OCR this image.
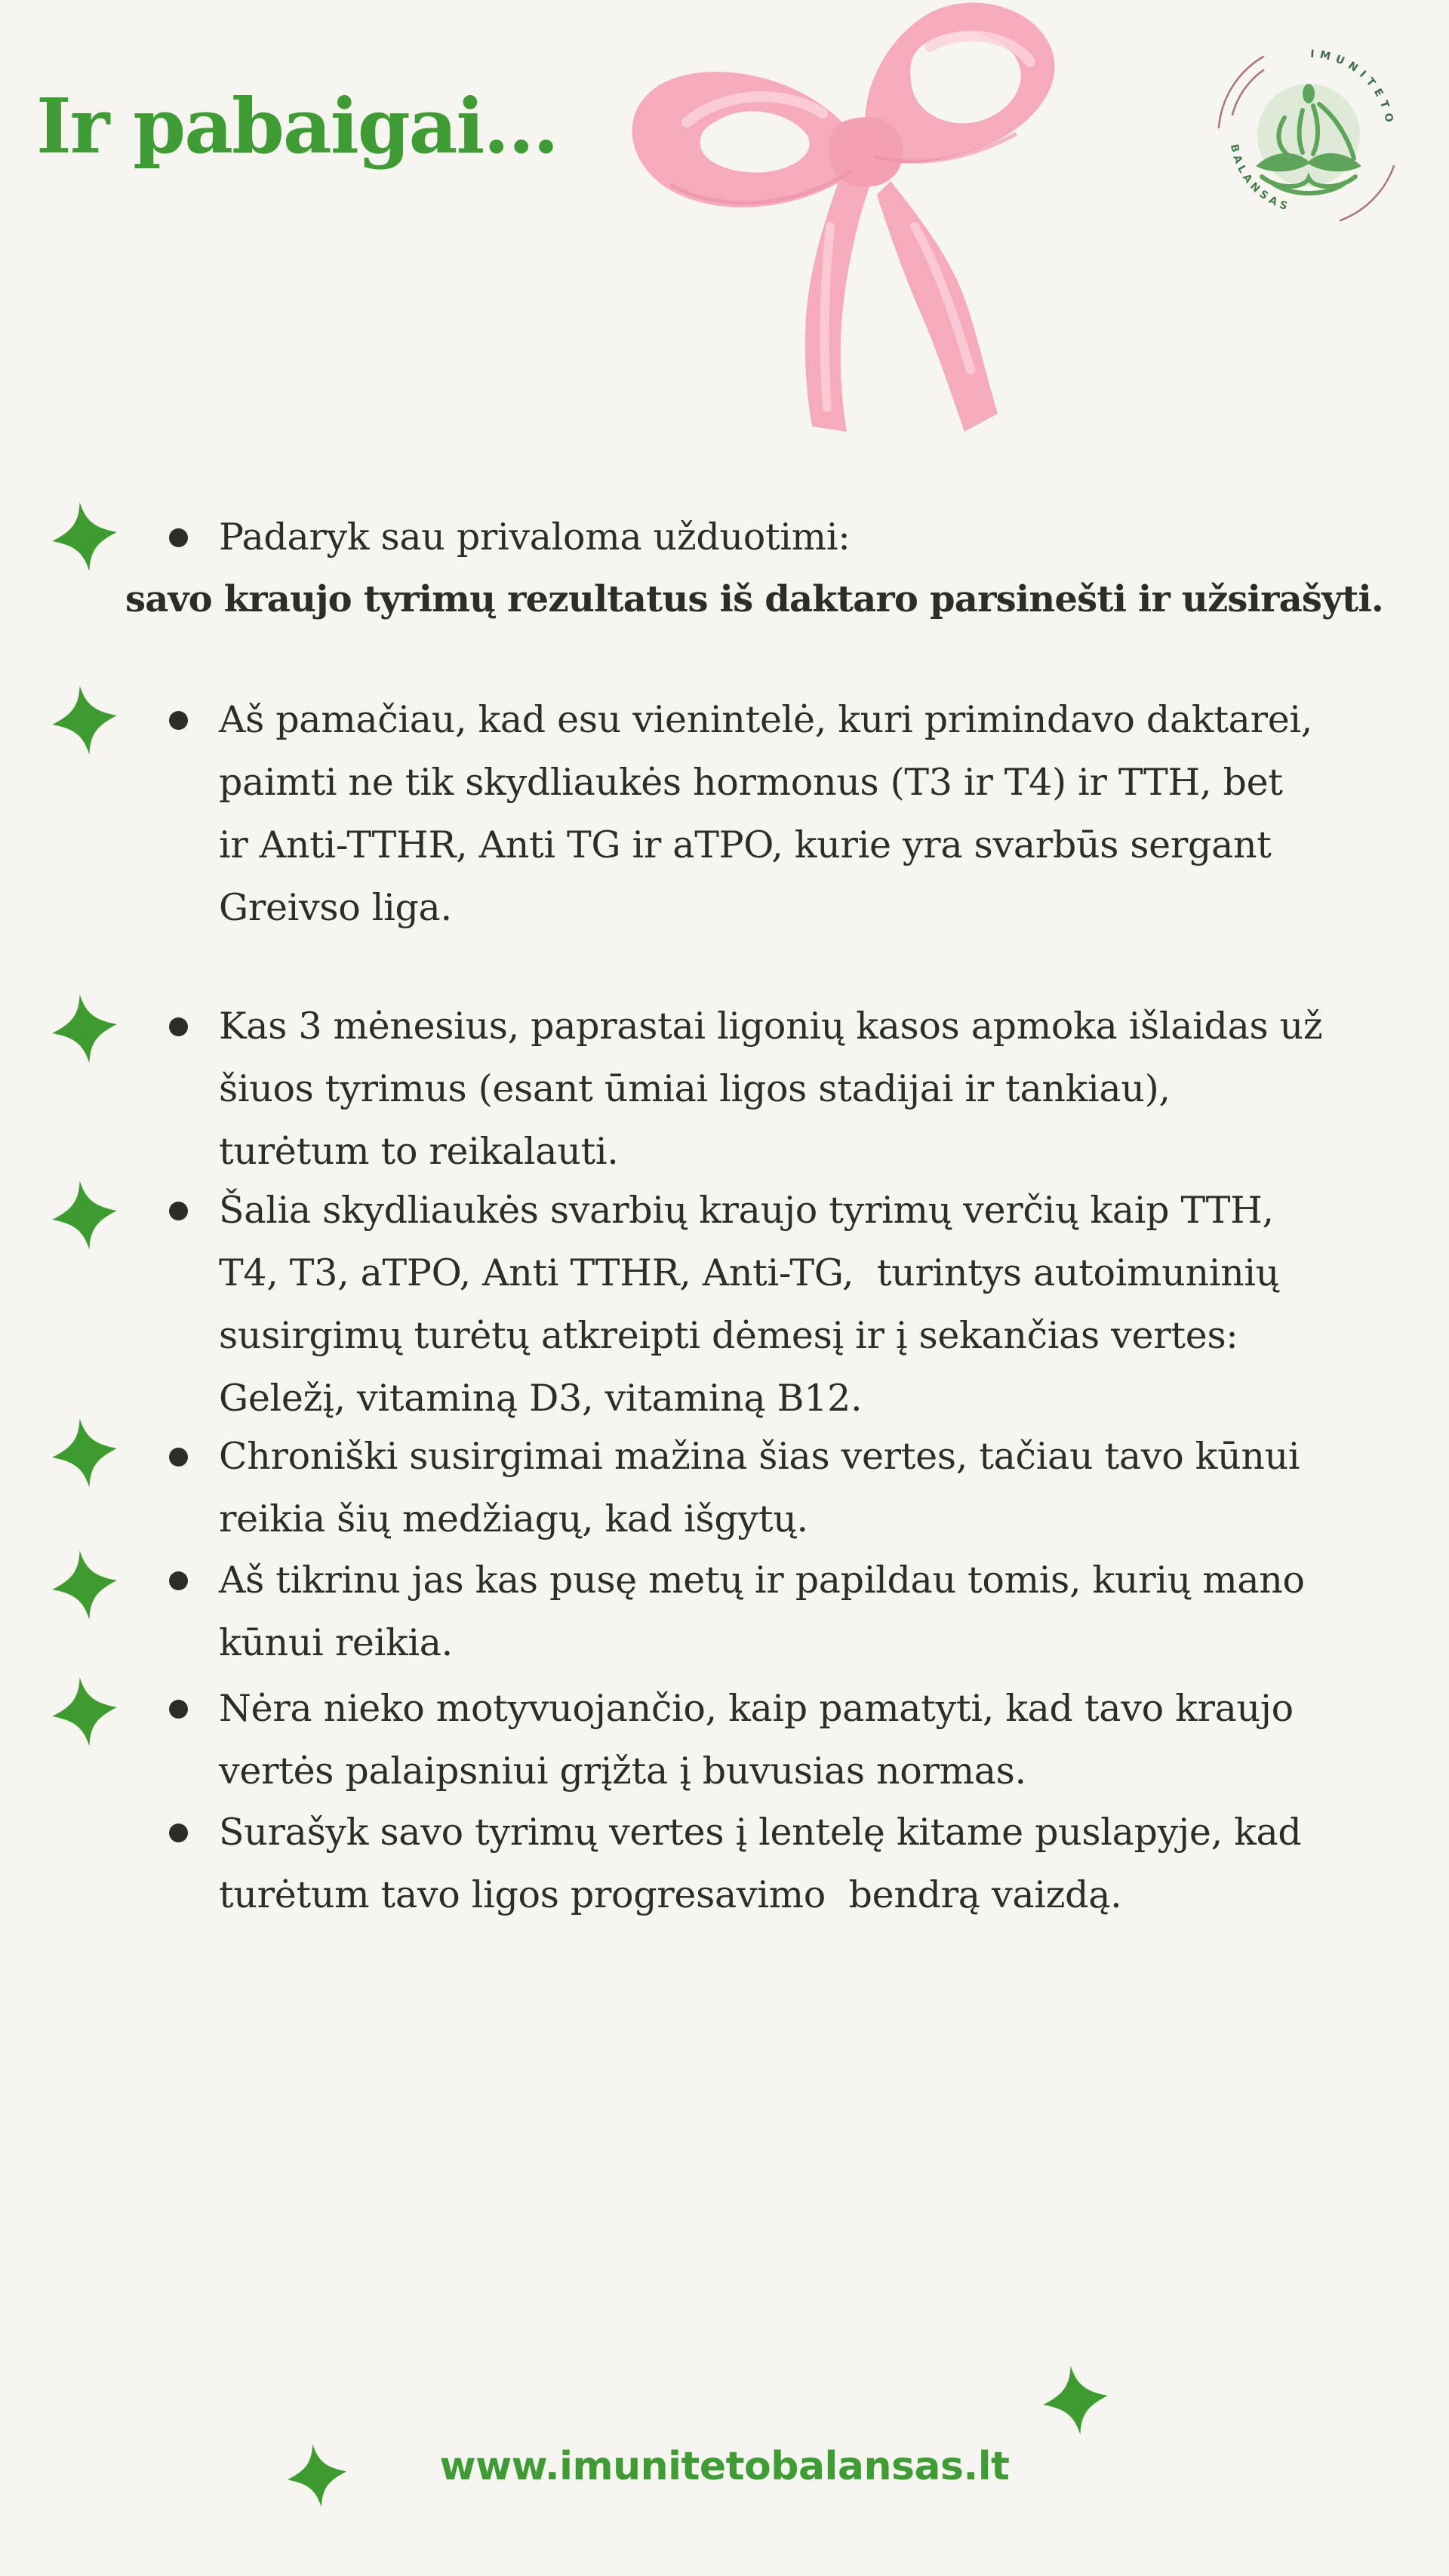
Ir pabaigai...
IMUNITETO
BALANSAS
Padaryk sau privaloma užduotimi:
savo kraujo tyrimų rezultatus iš daktaro parsinešti ir užsirašyti.
Aš pamačiau, kad esu vienintelė, kuri primindavo daktarei,
paimti ne tik skydliaukės hormonus (T3 ir T4) ir TTH, bet
ir Anti-TTHR, Anti TG ir aTPO, kurie yra svarbūs sergant
Greivso liga.
Kas 3 mėnesius, paprastai ligonių kasos apmoka išlaidas už
šiuos tyrimus (esant ūmiai ligos stadijai ir tankiau),
turėtum to reikalauti.
Šalia skydliaukės svarbių kraujo tyrimų verčių kaip TTH,
T4, T3, aTPO, Anti TTHR, Anti-TG,  turintys autoimuninių
susirgimų turėtų atkreipti dėmesį ir į sekančias vertes:
Geležį, vitaminą D3, vitaminą B12.
Chroniški susirgimai mažina šias vertes, tačiau tavo kūnui
reikia šių medžiagų, kad išgytų.
Aš tikrinu jas kas pusę metų ir papildau tomis, kurių mano
kūnui reikia.
Nėra nieko motyvuojančio, kaip pamatyti, kad tavo kraujo
vertės palaipsniui grįžta į buvusias normas.
Surašyk savo tyrimų vertes į lentelę kitame puslapyje, kad
turėtum tavo ligos progresavimo  bendrą vaizdą.
www.imunitetobalansas.lt
